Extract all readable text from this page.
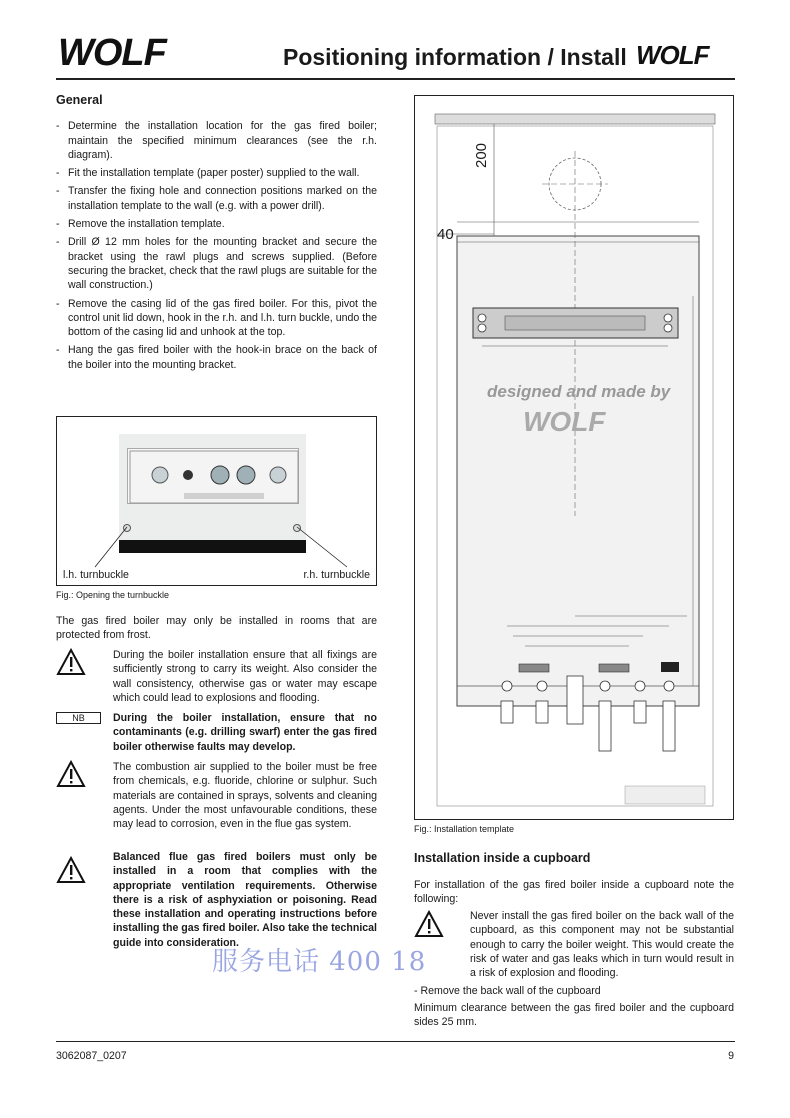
WOLF	Positioning information / Install WOLF
General
- Determine the installation location for the gas fired boiler; maintain the specified minimum clearances (see the r.h. diagram).
- Fit the installation template (paper poster) supplied to the wall.
- Transfer the fixing hole and connection positions marked on the installation template to the wall (e.g. with a power drill).
- Remove the installation template.
- Drill Ø 12 mm holes for the mounting bracket and secure the bracket using the rawl plugs and screws supplied. (Before securing the bracket, check that the rawl plugs are suitable for the wall construction.)
- Remove the casing lid of the gas fired boiler. For this, pivot the control unit lid down, hook in the r.h. and l.h. turn buckle, undo the bottom of the casing lid and unhook at the top.
- Hang the gas fired boiler with the hook-in brace on the back of the boiler into the mounting bracket.
l.h. turnbuckle	r.h. turnbuckle
Fig.: Opening the turnbuckle
The gas fired boiler may only be installed in rooms that are protected from frost.
During the boiler installation ensure that all fixings are sufficiently strong to carry its weight. Also consider the wall consistency, otherwise gas or water may escape which could lead to explosions and flooding.
NB	During the boiler installation, ensure that no contaminants (e.g. drilling swarf) enter the gas fired boiler otherwise faults may develop.
The combustion air supplied to the boiler must be free from chemicals, e.g. fluoride, chlorine or sulphur. Such materials are contained in sprays, solvents and cleaning agents. Under the most unfavourable conditions, these may lead to corrosion, even in the flue gas system.
Balanced flue gas fired boilers must only be installed in a room that complies with the appropriate ventilation requirements. Otherwise there is a risk of asphyxiation or poisoning. Read these installation and operating instructions before installing the gas fired boiler. Also take the technical guide into consideration.
200
40
designed and made by
WOLF
Fig.: Installation template
Installation inside a cupboard
For installation of the gas fired boiler inside a cupboard note the following:
Never install the gas fired boiler on the back wall of the cupboard, as this component may not be substantial enough to carry the boiler weight. This would create the risk of water and gas leaks which in turn would result in a risk of explosion and flooding.
- Remove the back wall of the cupboard
Minimum clearance between the gas fired boiler and the cupboard sides 25 mm.
服务电话 400 18
3062087_0207	9
